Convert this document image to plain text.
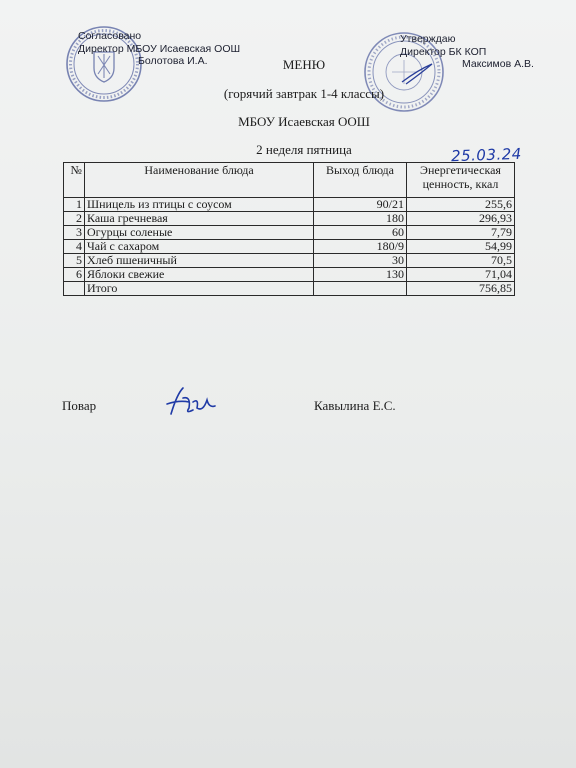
Согласовано
Директор МБОУ Исаевская ООШ
Болотова И.А.
Утверждаю
Директор БК КОП
Максимов А.В.
МЕНЮ
(горячий завтрак 1-4 классы)
МБОУ Исаевская ООШ
2 неделя пятница	25.03.24
№	Наименование блюда	Выход блюда	Энергетическая ценность, ккал
1	Шницель из птицы с соусом	90/21	255,6
2	Каша гречневая	180	296,93
3	Огурцы соленые	60	7,79
4	Чай с сахаром	180/9	54,99
5	Хлеб пшеничный	30	70,5
6	Яблоки свежие	130	71,04
	Итого		756,85
Повар	Кавылина Е.С.
